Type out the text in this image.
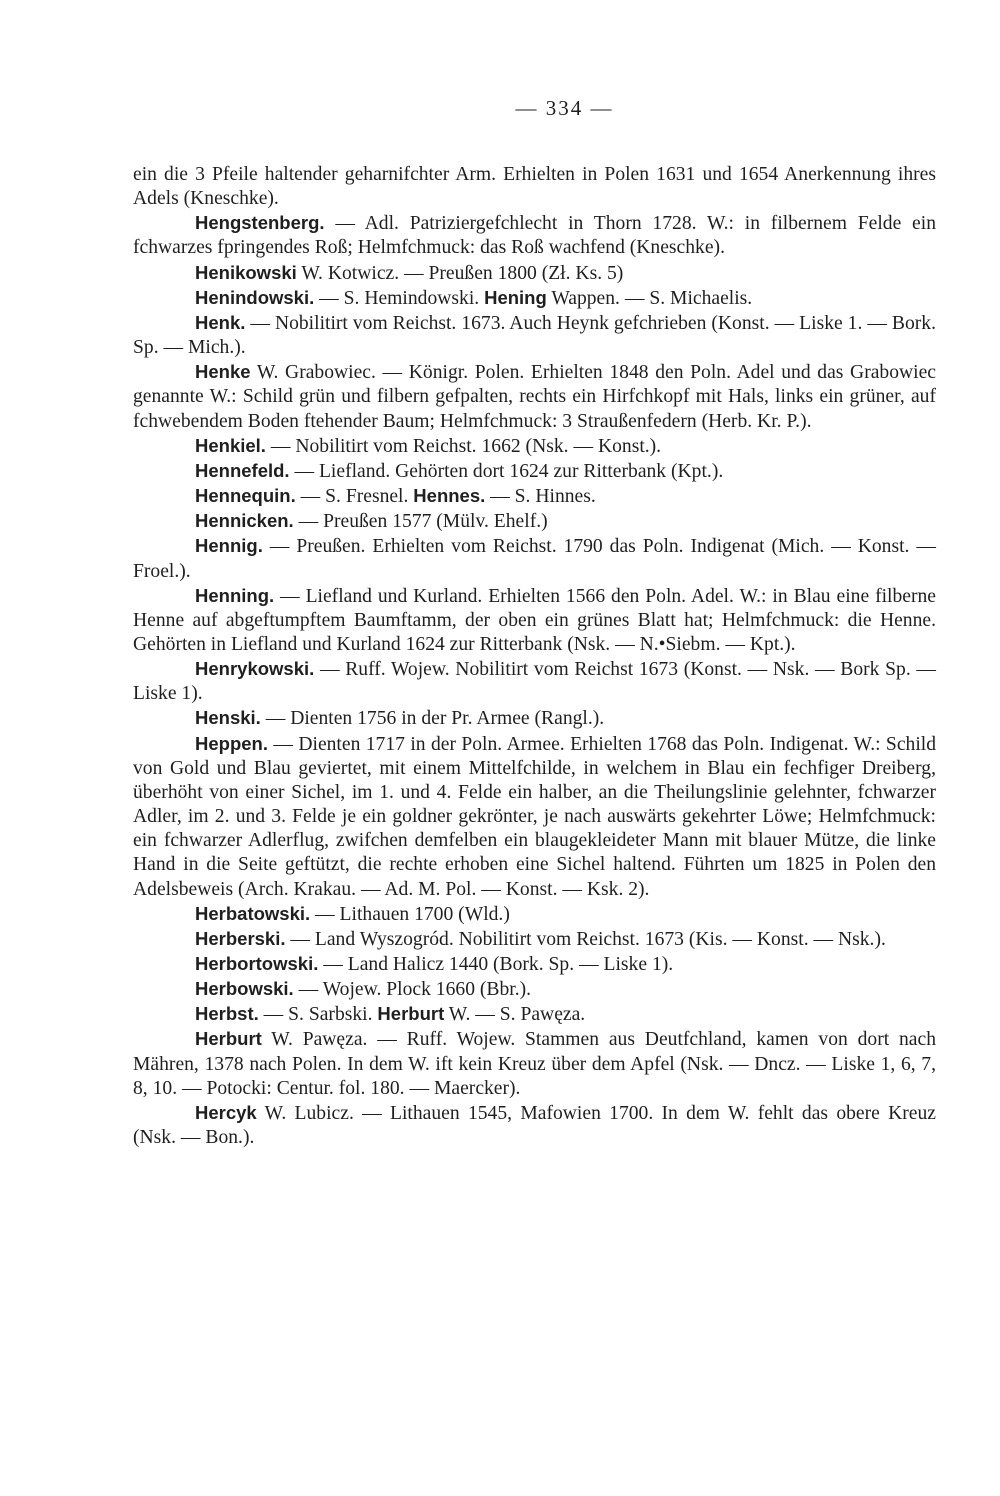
— 334 —

ein die 3 Pfeile haltender geharnifchter Arm. Erhielten in Polen 1631 und 1654 Anerkennung ihres Adels (Kneschke).

Hengstenberg. — Adl. Patriziergefchlecht in Thorn 1728. W.: in filbernem Felde ein fchwarzes fpringendes Roß; Helmfchmuck: das Roß wachfend (Kneschke).

Henikowski W. Kotwicz. — Preußen 1800 (Zł. Ks. 5)

Henindowski. — S. Hemindowski. Hening Wappen. — S. Michaelis.

Henk. — Nobilitirt vom Reichst. 1673. Auch Heynk gefchrieben (Konst. — Liske 1. — Bork. Sp. — Mich.).

Henke W. Grabowiec. — Königr. Polen. Erhielten 1848 den Poln. Adel und das Grabowiec genannte W.: Schild grün und filbern gefpalten, rechts ein Hirfchkopf mit Hals, links ein grüner, auf fchwebendem Boden ftehender Baum; Helmfchmuck: 3 Straußenfedern (Herb. Kr. P.).

Henkiel. — Nobilitirt vom Reichst. 1662 (Nsk. — Konst.).

Hennefeld. — Liefland. Gehörten dort 1624 zur Ritterbank (Kpt.).

Hennequin. — S. Fresnel. Hennes. — S. Hinnes.

Hennicken. — Preußen 1577 (Mülv. Ehelf.)

Hennig. — Preußen. Erhielten vom Reichst. 1790 das Poln. Indigenat (Mich. — Konst. — Froel.).

Henning. — Liefland und Kurland. Erhielten 1566 den Poln. Adel. W.: in Blau eine filberne Henne auf abgeftumpftem Baumftamm, der oben ein grünes Blatt hat; Helmfchmuck: die Henne. Gehörten in Liefland und Kurland 1624 zur Ritterbank (Nsk. — N.•Siebm. — Kpt.).

Henrykowski. — Ruff. Wojew. Nobilitirt vom Reichst 1673 (Konst. — Nsk. — Bork Sp. — Liske 1).

Henski. — Dienten 1756 in der Pr. Armee (Rangl.).

Heppen. — Dienten 1717 in der Poln. Armee. Erhielten 1768 das Poln. Indigenat. W.: Schild von Gold und Blau geviertet, mit einem Mittelfchilde, in welchem in Blau ein fechfiger Dreiberg, überhöht von einer Sichel, im 1. und 4. Felde ein halber, an die Theilungslinie gelehnter, fchwarzer Adler, im 2. und 3. Felde je ein goldner gekrönter, je nach auswärts gekehrter Löwe; Helmfchmuck: ein fchwarzer Adlerflug, zwifchen demfelben ein blaugekleideter Mann mit blauer Mütze, die linke Hand in die Seite geftützt, die rechte erhoben eine Sichel haltend. Führten um 1825 in Polen den Adelsbeweis (Arch. Krakau. — Ad. M. Pol. — Konst. — Ksk. 2).

Herbatowski. — Lithauen 1700 (Wld.)

Herberski. — Land Wyszogród. Nobilitirt vom Reichst. 1673 (Kis. — Konst. — Nsk.).

Herbortowski. — Land Halicz 1440 (Bork. Sp. — Liske 1).

Herbowski. — Wojew. Plock 1660 (Bbr.).

Herbst. — S. Sarbski. Herburt W. — S. Pawęza.

Herburt W. Pawęza. — Ruff. Wojew. Stammen aus Deutfchland, kamen von dort nach Mähren, 1378 nach Polen. In dem W. ift kein Kreuz über dem Apfel (Nsk. — Dncz. — Liske 1, 6, 7, 8, 10. — Potocki: Centur. fol. 180. — Maercker).

Hercyk W. Lubicz. — Lithauen 1545, Mafowien 1700. In dem W. fehlt das obere Kreuz (Nsk. — Bon.).
